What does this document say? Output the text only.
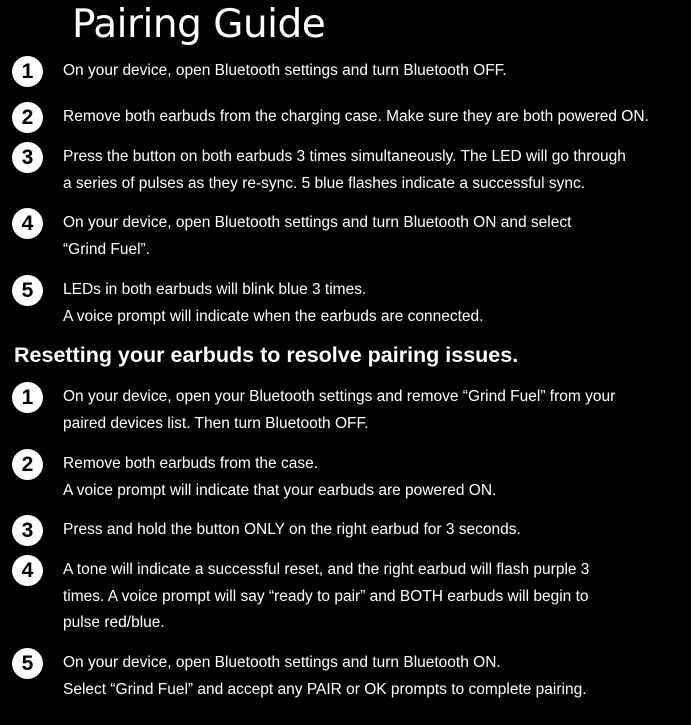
Pairing Guide
1	On your device, open Bluetooth settings and turn Bluetooth OFF.
2	Remove both earbuds from the charging case. Make sure they are both powered ON.
3	Press the button on both earbuds 3 times simultaneously. The LED will go through
a series of pulses as they re-sync. 5 blue flashes indicate a successful sync.
4	On your device, open Bluetooth settings and turn Bluetooth ON and select
“Grind Fuel”.
5	LEDs in both earbuds will blink blue 3 times.
A voice prompt will indicate when the earbuds are connected.
Resetting your earbuds to resolve pairing issues.
1	On your device, open your Bluetooth settings and remove “Grind Fuel” from your
paired devices list. Then turn Bluetooth OFF.
2	Remove both earbuds from the case.
A voice prompt will indicate that your earbuds are powered ON.
3	Press and hold the button ONLY on the right earbud for 3 seconds.
4	A tone will indicate a successful reset, and the right earbud will flash purple 3
times. A voice prompt will say “ready to pair” and BOTH earbuds will begin to
pulse red/blue.
5	On your device, open Bluetooth settings and turn Bluetooth ON.
Select “Grind Fuel” and accept any PAIR or OK prompts to complete pairing.
